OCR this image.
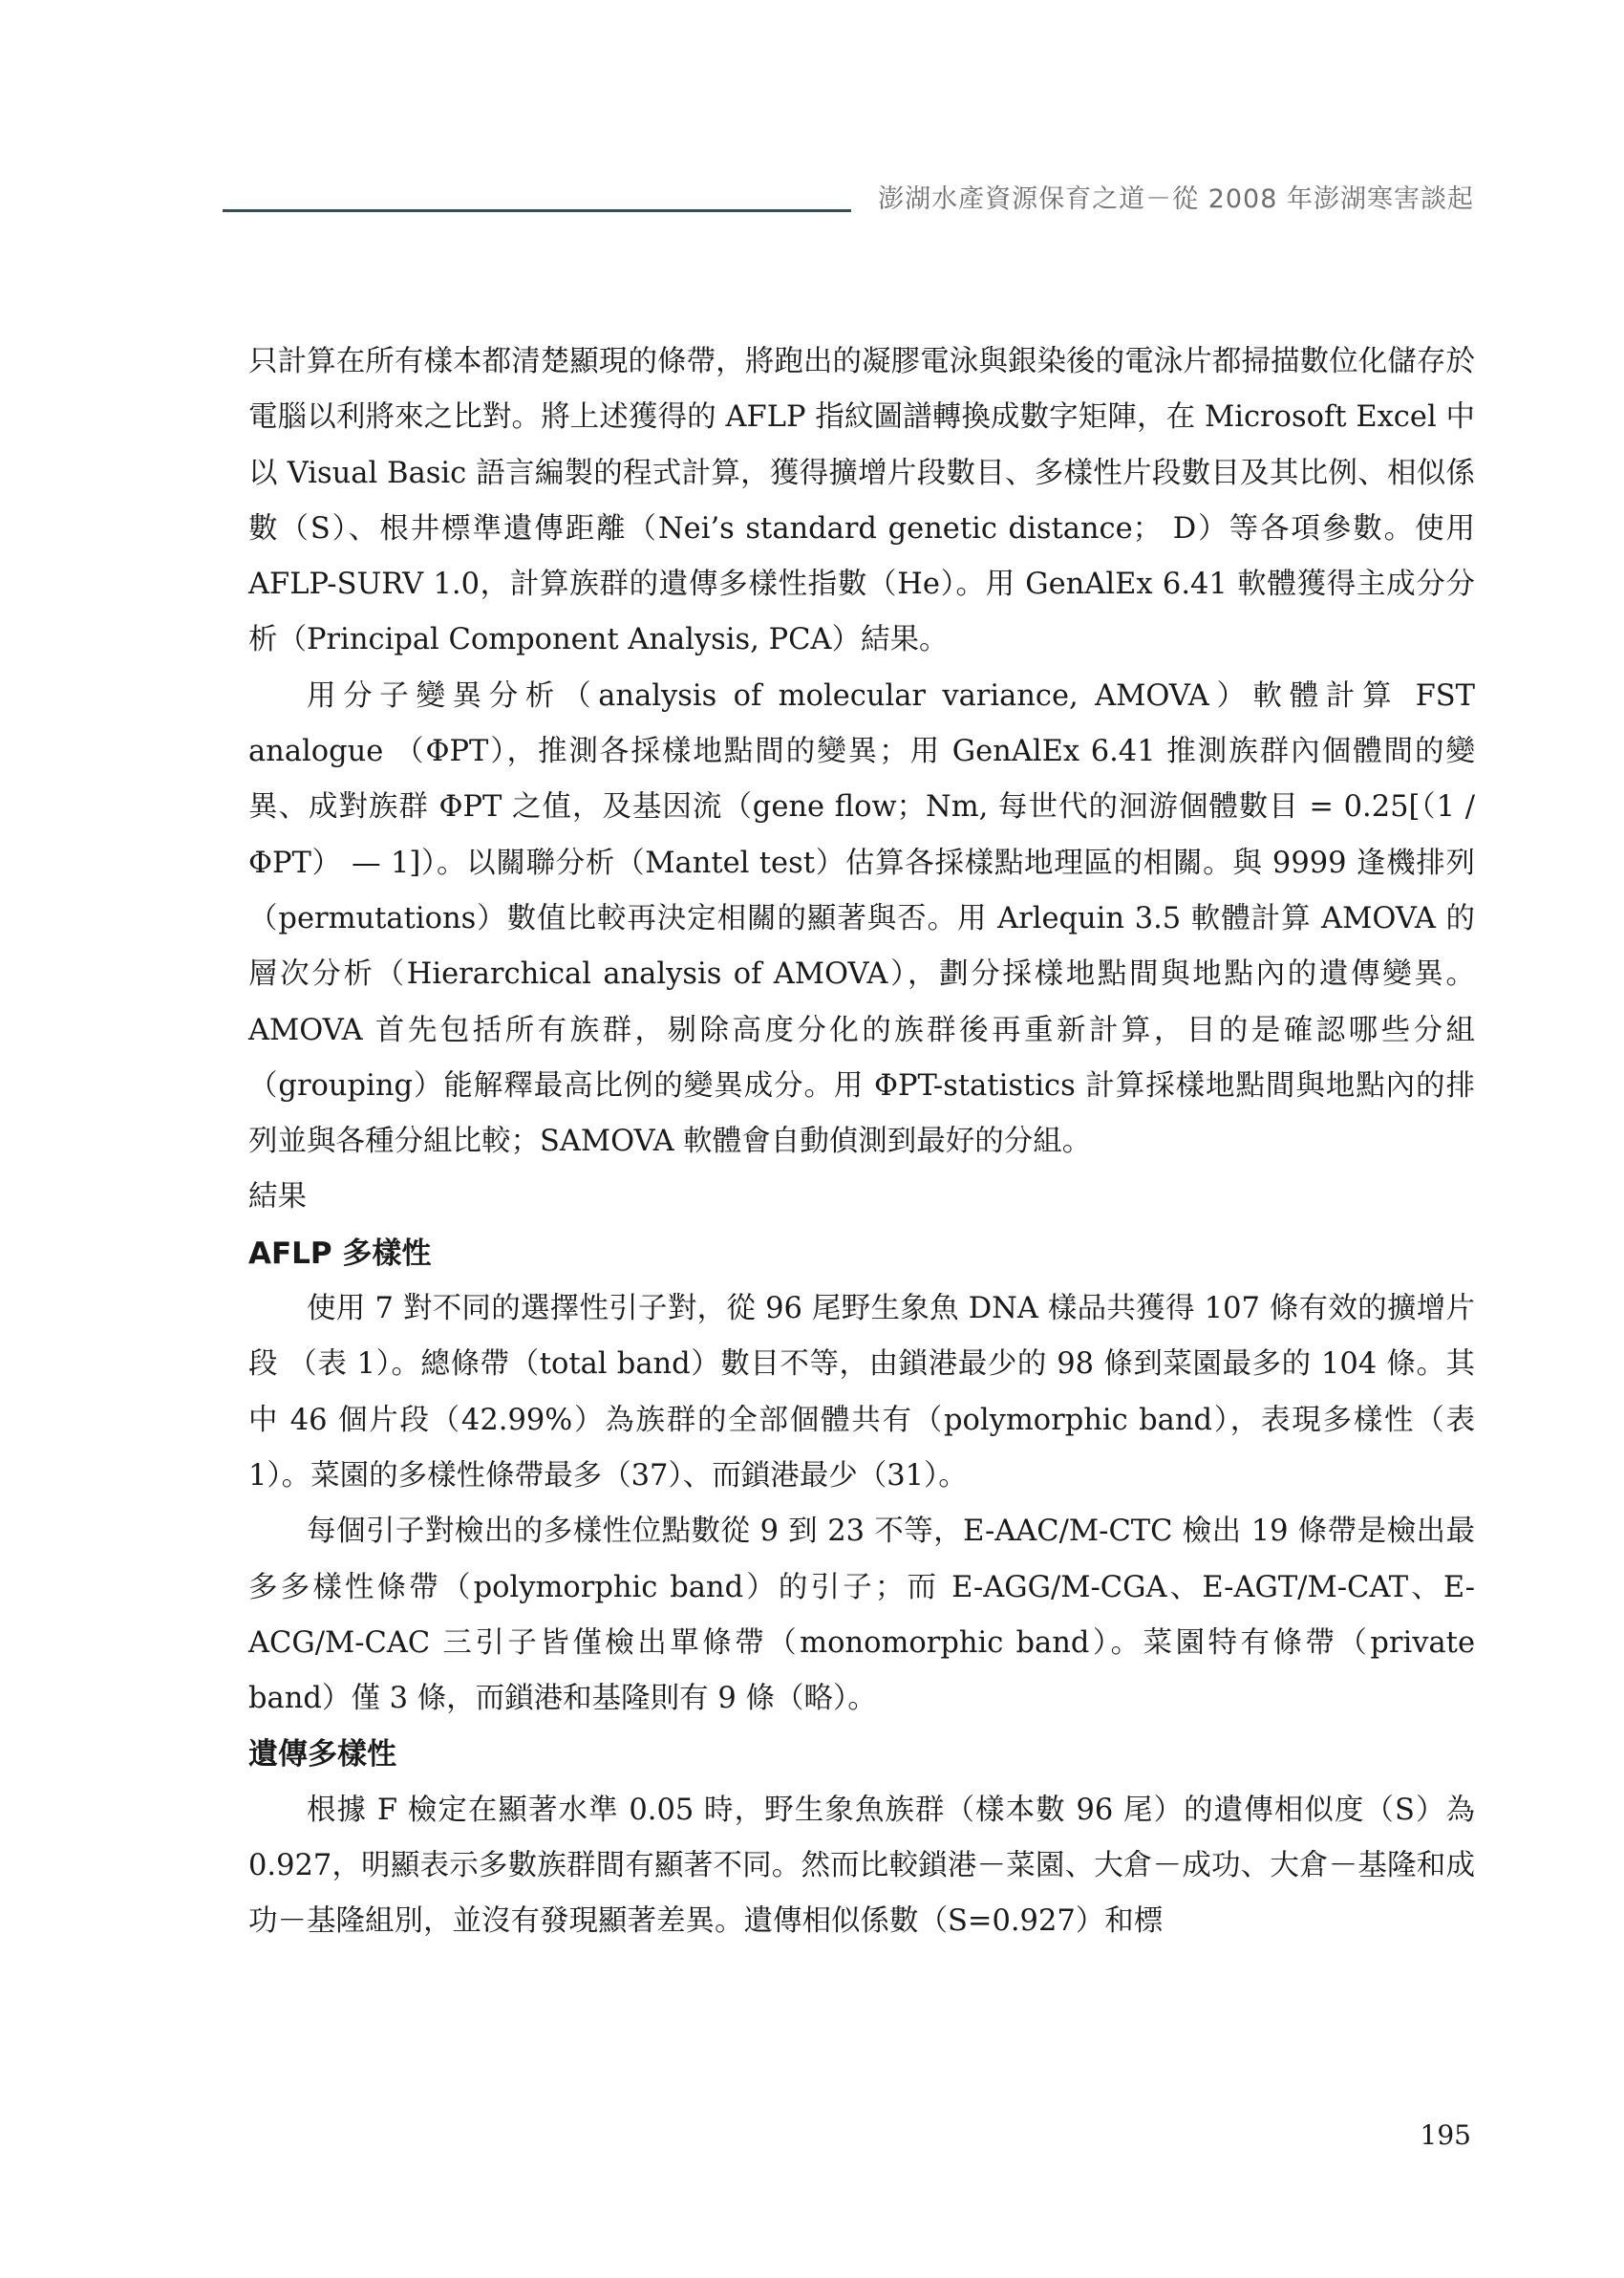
澎湖水產資源保育之道－從 2008 年澎湖寒害談起

只計算在所有樣本都清楚顯現的條帶，將跑出的凝膠電泳與銀染後的電泳片都掃描數位化儲存於電腦以利將來之比對。將上述獲得的 AFLP 指紋圖譜轉換成數字矩陣，在 Microsoft Excel 中以 Visual Basic 語言編製的程式計算，獲得擴增片段數目、多樣性片段數目及其比例、相似係數（S）、根井標準遺傳距離（Nei’s standard genetic distance； D）等各項參數。使用 AFLP-SURV 1.0，計算族群的遺傳多樣性指數（He）。用 GenAlEx 6.41 軟體獲得主成分分析（Principal Component Analysis, PCA）結果。

用分子變異分析（analysis of molecular variance, AMOVA）軟體計算 FST analogue （ΦPT），推測各採樣地點間的變異；用 GenAlEx 6.41 推測族群內個體間的變異、成對族群 ΦPT 之值，及基因流（gene flow；Nm, 每世代的洄游個體數目 = 0.25[（1 / ΦPT） — 1]）。以關聯分析（Mantel test）估算各採樣點地理區的相關。與 9999 逢機排列（permutations）數值比較再決定相關的顯著與否。用 Arlequin 3.5 軟體計算 AMOVA 的層次分析（Hierarchical analysis of AMOVA），劃分採樣地點間與地點內的遺傳變異。AMOVA 首先包括所有族群，剔除高度分化的族群後再重新計算，目的是確認哪些分組（grouping）能解釋最高比例的變異成分。用 ΦPT-statistics 計算採樣地點間與地點內的排列並與各種分組比較；SAMOVA 軟體會自動偵測到最好的分組。

結果

AFLP 多樣性

使用 7 對不同的選擇性引子對，從 96 尾野生象魚 DNA 樣品共獲得 107 條有效的擴增片段 （表 1）。總條帶（total band）數目不等，由鎖港最少的 98 條到菜園最多的 104 條。其中 46 個片段（42.99%）為族群的全部個體共有（polymorphic band），表現多樣性（表 1）。菜園的多樣性條帶最多（37）、而鎖港最少（31）。

每個引子對檢出的多樣性位點數從 9 到 23 不等，E-AAC/M-CTC 檢出 19 條帶是檢出最多多樣性條帶（polymorphic band）的引子；而 E-AGG/M-CGA、E-AGT/M-CAT、E-ACG/M-CAC 三引子皆僅檢出單條帶（monomorphic band）。菜園特有條帶（private band）僅 3 條，而鎖港和基隆則有 9 條（略）。

遺傳多樣性

根據 F 檢定在顯著水準 0.05 時，野生象魚族群（樣本數 96 尾）的遺傳相似度（S）為 0.927，明顯表示多數族群間有顯著不同。然而比較鎖港－菜園、大倉－成功、大倉－基隆和成功－基隆組別，並沒有發現顯著差異。遺傳相似係數（S=0.927）和標

195
